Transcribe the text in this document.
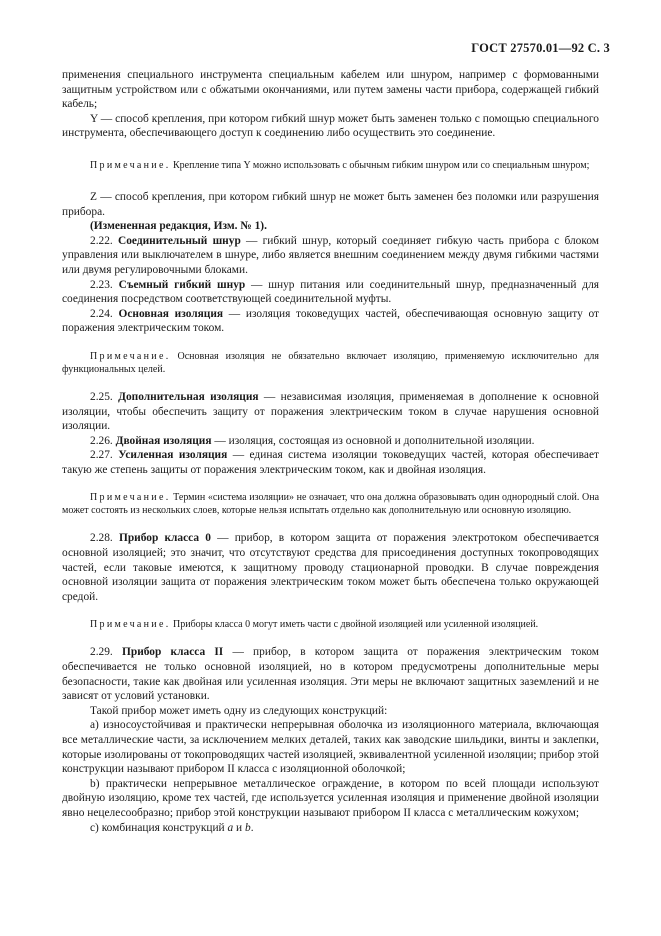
ГОСТ 27570.01—92 С. 3

применения специального инструмента специальным кабелем или шнуром, например с формованными защитным устройством или с обжатыми окончаниями, или путем замены части прибора, содержащей гибкий кабель;

Y — способ крепления, при котором гибкий шнур может быть заменен только с помощью специального инструмента, обеспечивающего доступ к соединению либо осуществить это соединение.

Примечание. Крепление типа Y можно использовать с обычным гибким шнуром или со специальным шнуром;

Z — способ крепления, при котором гибкий шнур не может быть заменен без поломки или разрушения прибора.

(Измененная редакция, Изм. № 1).

2.22. Соединительный шнур — гибкий шнур, который соединяет гибкую часть прибора с блоком управления или выключателем в шнуре, либо является внешним соединением между двумя гибкими частями или двумя регулировочными блоками.

2.23. Съемный гибкий шнур — шнур питания или соединительный шнур, предназначенный для соединения посредством соответствующей соединительной муфты.

2.24. Основная изоляция — изоляция токоведущих частей, обеспечивающая основную защиту от поражения электрическим током.

Примечание. Основная изоляция не обязательно включает изоляцию, применяемую исключительно для функциональных целей.

2.25. Дополнительная изоляция — независимая изоляция, применяемая в дополнение к основной изоляции, чтобы обеспечить защиту от поражения электрическим током в случае нарушения основной изоляции.

2.26. Двойная изоляция — изоляция, состоящая из основной и дополнительной изоляции.

2.27. Усиленная изоляция — единая система изоляции токоведущих частей, которая обеспечивает такую же степень защиты от поражения электрическим током, как и двойная изоляция.

Примечание. Термин «система изоляции» не означает, что она должна образовывать один однородный слой. Она может состоять из нескольких слоев, которые нельзя испытать отдельно как дополнительную или основную изоляцию.

2.28. Прибор класса 0 — прибор, в котором защита от поражения электротоком обеспечивается основной изоляцией; это значит, что отсутствуют средства для присоединения доступных токопроводящих частей, если таковые имеются, к защитному проводу стационарной проводки. В случае повреждения основной изоляции защита от поражения электрическим током может быть обеспечена только окружающей средой.

Примечание. Приборы класса 0 могут иметь части с двойной изоляцией или усиленной изоляцией.

2.29. Прибор класса II — прибор, в котором защита от поражения электрическим током обеспечивается не только основной изоляцией, но в котором предусмотрены дополнительные меры безопасности, такие как двойная или усиленная изоляция. Эти меры не включают защитных заземлений и не зависят от условий установки.

Такой прибор может иметь одну из следующих конструкций:

а) износоустойчивая и практически непрерывная оболочка из изоляционного материала, включающая все металлические части, за исключением мелких деталей, таких как заводские шильдики, винты и заклепки, которые изолированы от токопроводящих частей изоляцией, эквивалентной усиленной изоляции; прибор этой конструкции называют прибором II класса с изоляционной оболочкой;

b) практически непрерывное металлическое ограждение, в котором по всей площади используют двойную изоляцию, кроме тех частей, где используется усиленная изоляция и применение двойной изоляции явно нецелесообразно; прибор этой конструкции называют прибором II класса с металлическим кожухом;

c) комбинация конструкций a и b.
